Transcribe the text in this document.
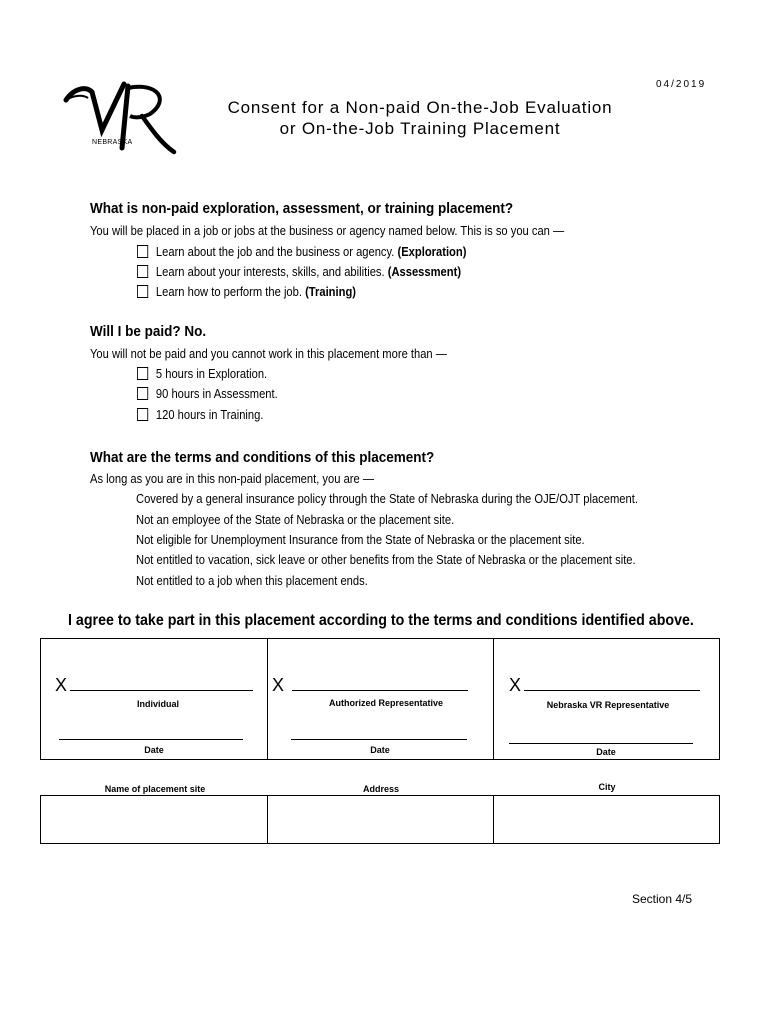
04/2019
NEBRASKA
Consent for a Non-paid On-the-Job Evaluation
or On-the-Job Training Placement
What is non-paid exploration, assessment, or training placement?
You will be placed in a job or jobs at the business or agency named below. This is so you can —
Learn about the job and the business or agency. (Exploration)
Learn about your interests, skills, and abilities. (Assessment)
Learn how to perform the job. (Training)
Will I be paid? No.
You will not be paid and you cannot work in this placement more than —
5 hours in Exploration.
90 hours in Assessment.
120 hours in Training.
What are the terms and conditions of this placement?
As long as you are in this non-paid placement, you are —
Covered by a general insurance policy through the State of Nebraska during the OJE/OJT placement.
Not an employee of the State of Nebraska or the placement site.
Not eligible for Unemployment Insurance from the State of Nebraska or the placement site.
Not entitled to vacation, sick leave or other benefits from the State of Nebraska or the placement site.
Not entitled to a job when this placement ends.
I agree to take part in this placement according to the terms and conditions identified above.
X
Individual
Date
X
Authorized Representative
Date
X
Nebraska VR Representative
Date
Name of placement site	Address	City
Section 4/5
